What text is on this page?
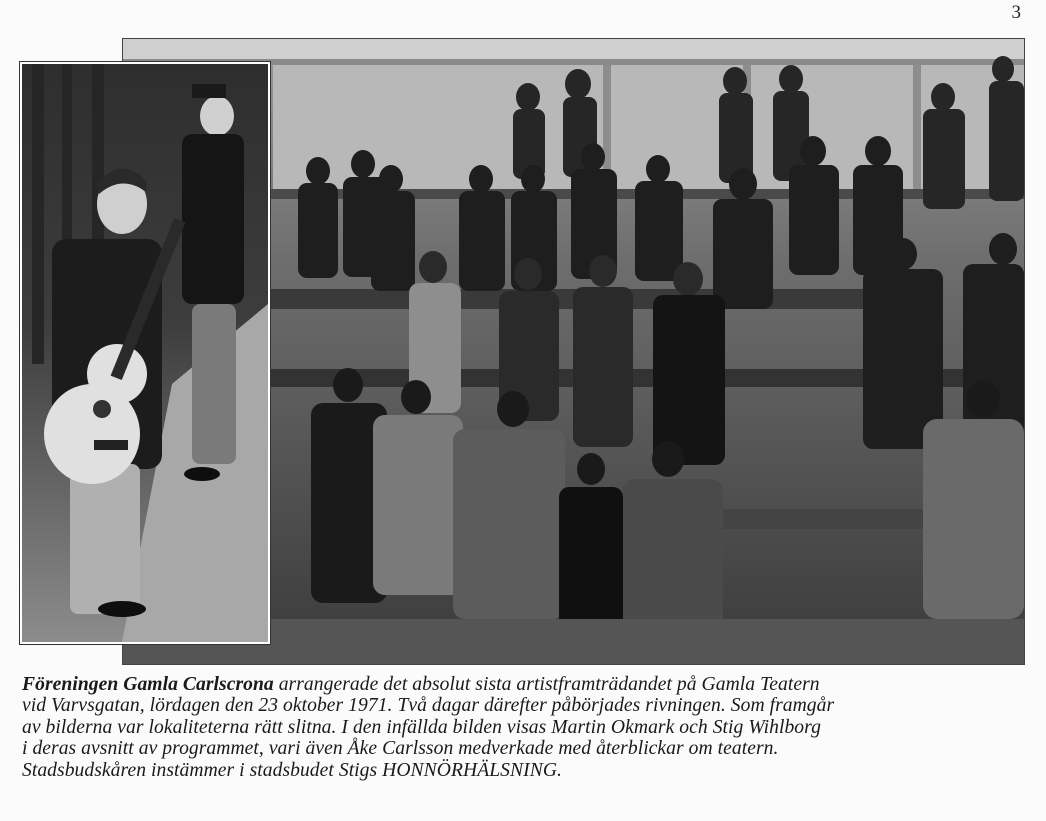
3
Föreningen Gamla Carlscrona arrangerade det absolut sista artistframträdandet på Gamla Teatern
vid Varvsgatan, lördagen den 23 oktober 1971. Två dagar därefter påbörjades rivningen. Som framgår
av bilderna var lokaliteterna rätt slitna. I den infällda bilden visas Martin Okmark och Stig Wihlborg
i deras avsnitt av programmet, vari även Åke Carlsson medverkade med återblickar om teatern.
Stadsbudskåren instämmer i stadsbudet Stigs HONNÖRHÄLSNING.
